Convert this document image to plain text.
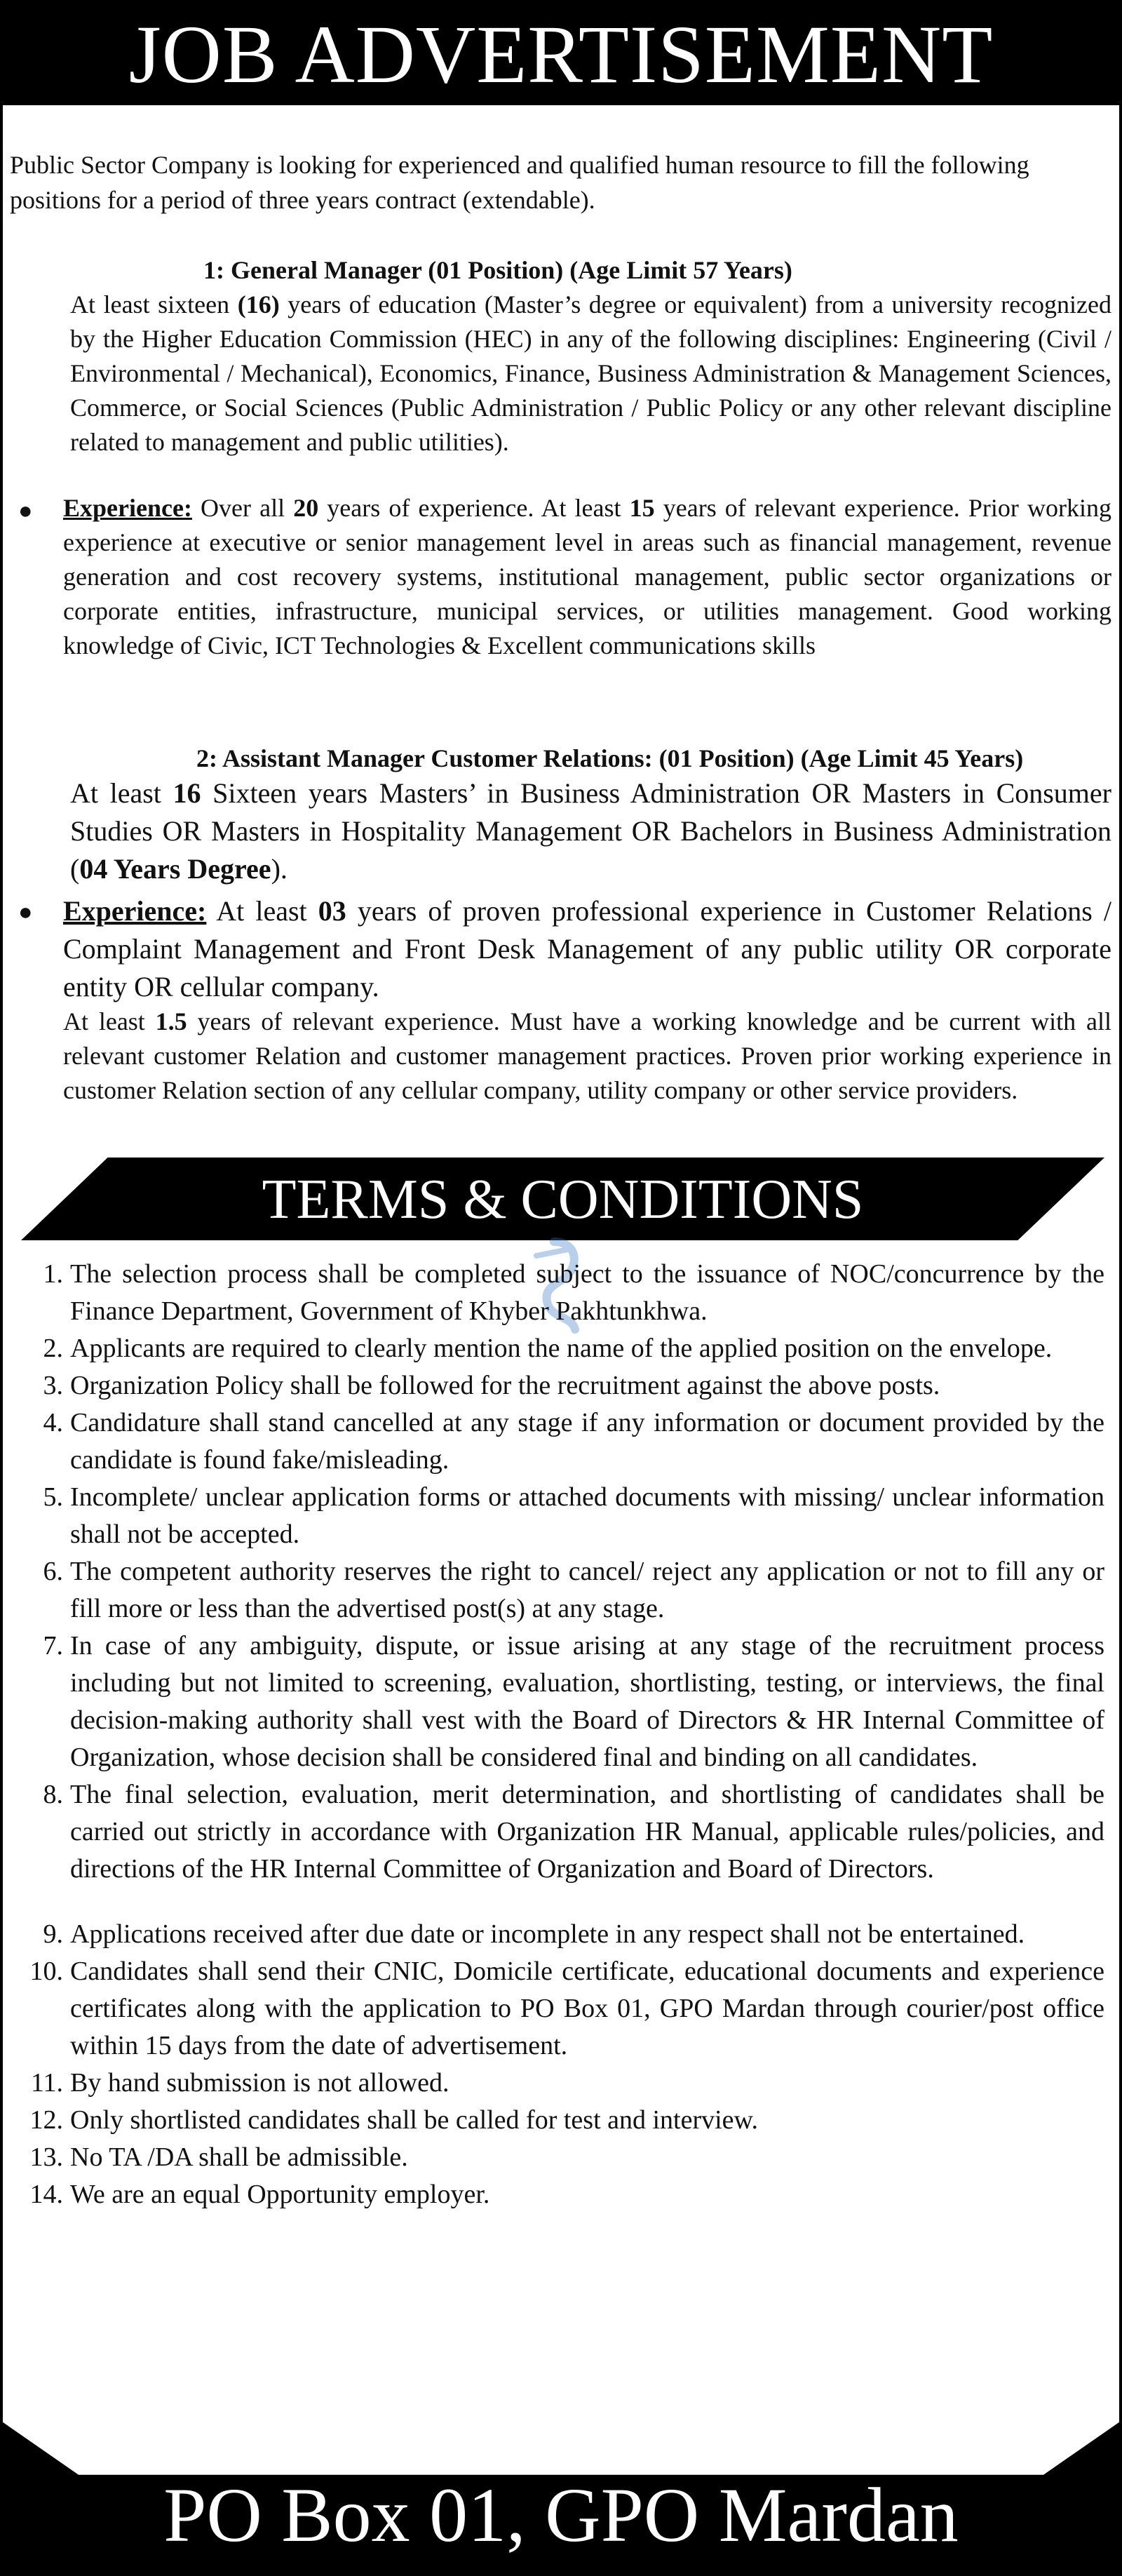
JOB ADVERTISEMENT
Public Sector Company is looking for experienced and qualified human resource to fill the following positions for a period of three years contract (extendable).
1: General Manager (01 Position) (Age Limit 57 Years)
At least sixteen (16) years of education (Master’s degree or equivalent) from a university recognized by the Higher Education Commission (HEC) in any of the following disciplines: Engineering (Civil / Environmental / Mechanical), Economics, Finance, Business Administration & Management Sciences, Commerce, or Social Sciences (Public Administration / Public Policy or any other relevant discipline related to management and public utilities).
● Experience: Over all 20 years of experience. At least 15 years of relevant experience. Prior working experience at executive or senior management level in areas such as financial management, revenue generation and cost recovery systems, institutional management, public sector organizations or corporate entities, infrastructure, municipal services, or utilities management. Good working knowledge of Civic, ICT Technologies & Excellent communications skills
2: Assistant Manager Customer Relations: (01 Position) (Age Limit 45 Years)
At least 16 Sixteen years Masters’ in Business Administration OR Masters in Consumer Studies OR Masters in Hospitality Management OR Bachelors in Business Administration (04 Years Degree).
● Experience: At least 03 years of proven professional experience in Customer Relations / Complaint Management and Front Desk Management of any public utility OR corporate entity OR cellular company.
At least 1.5 years of relevant experience. Must have a working knowledge and be current with all relevant customer Relation and customer management practices. Proven prior working experience in customer Relation section of any cellular company, utility company or other service providers.
TERMS & CONDITIONS
1. The selection process shall be completed subject to the issuance of NOC/concurrence by the Finance Department, Government of Khyber Pakhtunkhwa.
2. Applicants are required to clearly mention the name of the applied position on the envelope.
3. Organization Policy shall be followed for the recruitment against the above posts.
4. Candidature shall stand cancelled at any stage if any information or document provided by the candidate is found fake/misleading.
5. Incomplete/ unclear application forms or attached documents with missing/ unclear information shall not be accepted.
6. The competent authority reserves the right to cancel/ reject any application or not to fill any or fill more or less than the advertised post(s) at any stage.
7. In case of any ambiguity, dispute, or issue arising at any stage of the recruitment process including but not limited to screening, evaluation, shortlisting, testing, or interviews, the final decision-making authority shall vest with the Board of Directors & HR Internal Committee of Organization, whose decision shall be considered final and binding on all candidates.
8. The final selection, evaluation, merit determination, and shortlisting of candidates shall be carried out strictly in accordance with Organization HR Manual, applicable rules/policies, and directions of the HR Internal Committee of Organization and Board of Directors.
9. Applications received after due date or incomplete in any respect shall not be entertained.
10. Candidates shall send their CNIC, Domicile certificate, educational documents and experience certificates along with the application to PO Box 01, GPO Mardan through courier/post office within 15 days from the date of advertisement.
11. By hand submission is not allowed.
12. Only shortlisted candidates shall be called for test and interview.
13. No TA /DA shall be admissible.
14. We are an equal Opportunity employer.
PO Box 01, GPO Mardan
